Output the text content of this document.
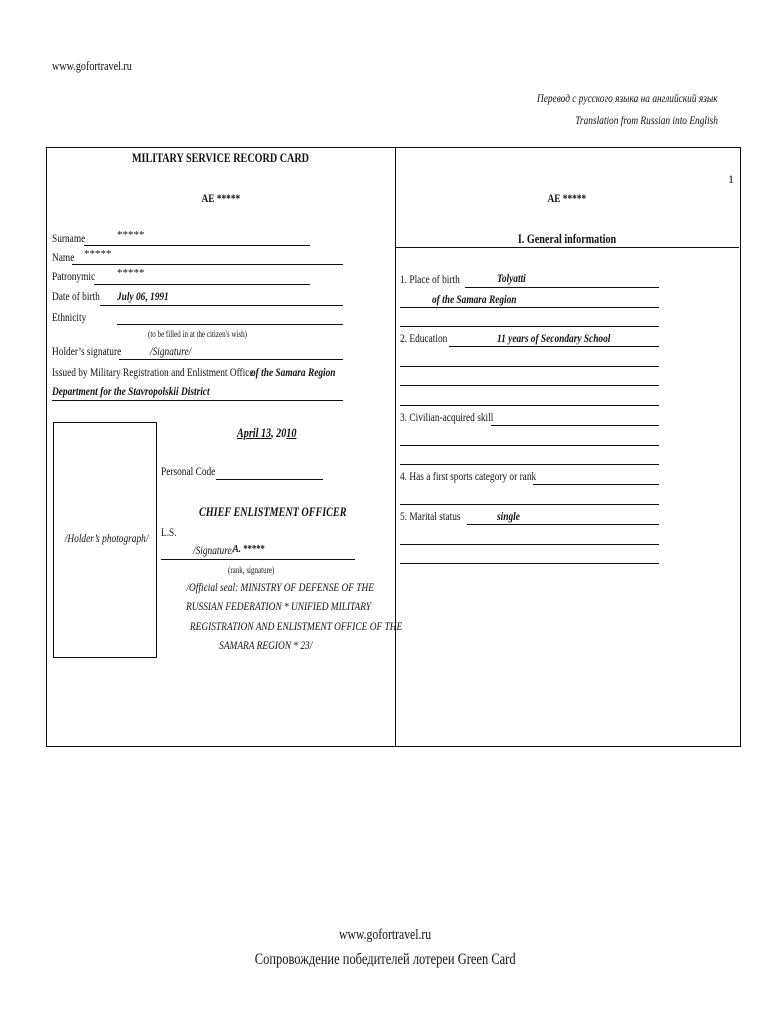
www.gofortravel.ru
Перевод с русского языка на английский язык
Translation from Russian into English
1
MILITARY SERVICE RECORD CARD
AE *****
Surname	*****
Name *****
Patronymic	*****
Date of birth	July 06, 1991
Ethnicity
(to be filled in at the citizen's wish)
Holder’s signature	/Signature/
Issued by Military Registration and Enlistment Office
of the Samara Region
Department for the Stavropolskii District
/Holder’s photograph/
April 13, 2010
Personal Code
CHIEF ENLISTMENT OFFICER
L.S.
/Signature/
A. *****
(rank, signature)
/Official seal: MINISTRY OF DEFENSE OF THE
RUSSIAN FEDERATION * UNIFIED MILITARY
REGISTRATION AND ENLISTMENT OFFICE OF THE
SAMARA REGION * 23/
AE *****
I. General information
1. Place of birth	Tolyatti
of the Samara Region
2. Education	11 years of Secondary School
3. Civilian-acquired skill
4. Has a first sports category or rank
5. Marital status	single
www.gofortravel.ru
Сопровождение победителей лотереи Green Card
